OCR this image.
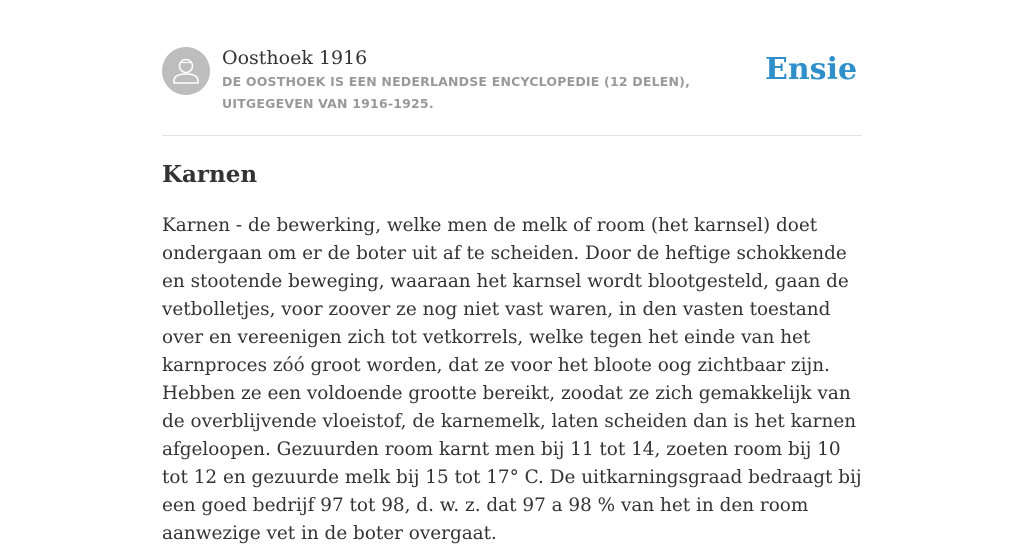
Oosthoek 1916

DE OOSTHOEK IS EEN NEDERLANDSE ENCYCLOPEDIE (12 DELEN), UITGEGEVEN VAN 1916-1925.

Ensie
Karnen

Karnen - de bewerking, welke men de melk of room (het karnsel) doet ondergaan om er de boter uit af te scheiden. Door de heftige schokkende en stootende beweging, waaraan het karnsel wordt blootgesteld, gaan de vetbolletjes, voor zoover ze nog niet vast waren, in den vasten toestand over en vereenigen zich tot vetkorrels, welke tegen het einde van het karnproces zóó groot worden, dat ze voor het bloote oog zichtbaar zijn. Hebben ze een voldoende grootte bereikt, zoodat ze zich gemakkelijk van de overblijvende vloeistof, de karnemelk, laten scheiden dan is het karnen afgeloopen. Gezuurden room karnt men bij 11 tot 14, zoeten room bij 10 tot 12 en gezuurde melk bij 15 tot 17° C. De uitkarningsgraad bedraagt bij een goed bedrijf 97 tot 98, d. w. z. dat 97 a 98 % van het in den room aanwezige vet in de boter overgaat.
